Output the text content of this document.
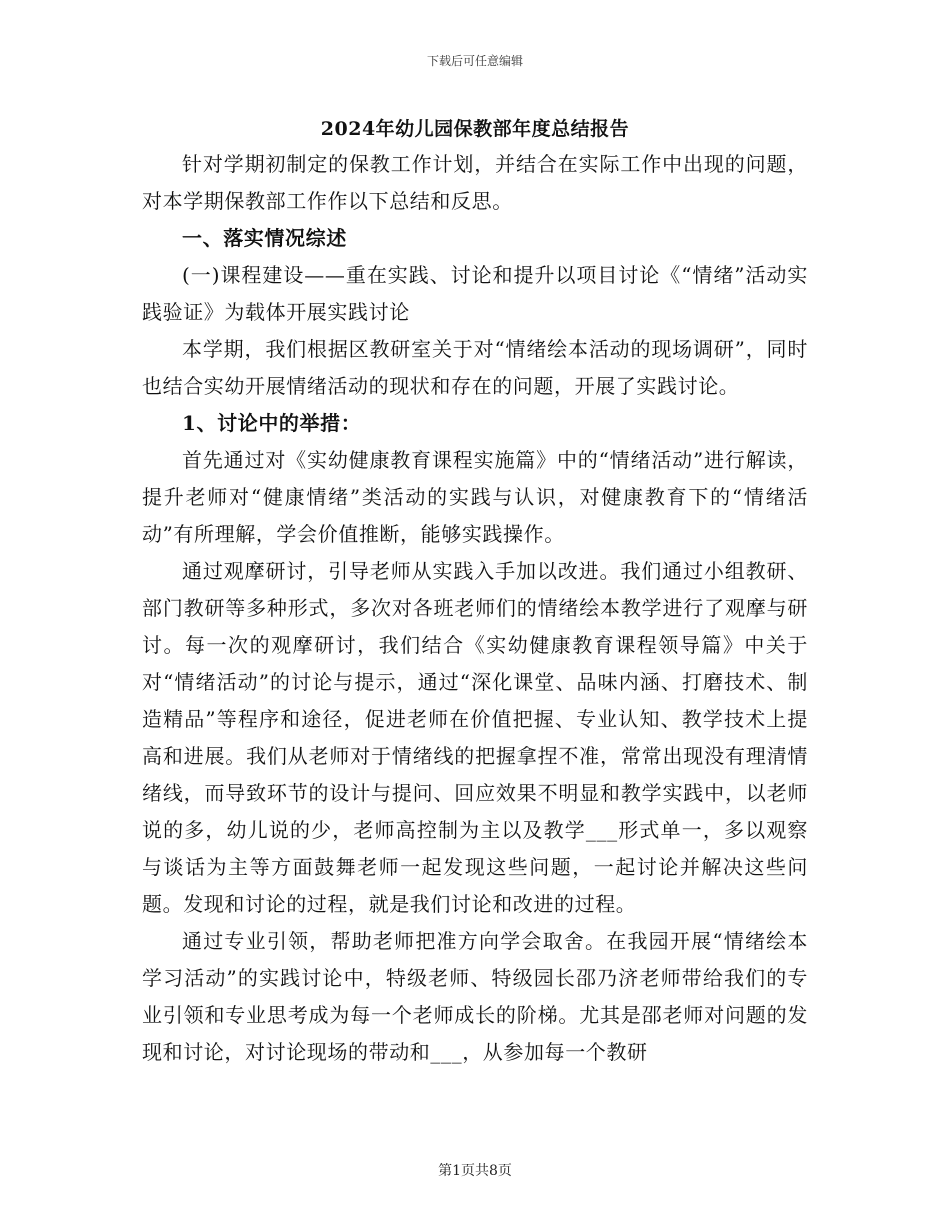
下载后可任意编辑
2024年幼儿园保教部年度总结报告

针对学期初制定的保教工作计划，并结合在实际工作中出现的问题，对本学期保教部工作作以下总结和反思。

一、落实情况综述

(一)课程建设——重在实践、讨论和提升以项目讨论《“情绪”活动实践验证》为载体开展实践讨论

本学期，我们根据区教研室关于对“情绪绘本活动的现场调研”，同时也结合实幼开展情绪活动的现状和存在的问题，开展了实践讨论。

1、讨论中的举措：

首先通过对《实幼健康教育课程实施篇》中的“情绪活动”进行解读，提升老师对“健康情绪”类活动的实践与认识，对健康教育下的“情绪活动”有所理解，学会价值推断，能够实践操作。

通过观摩研讨，引导老师从实践入手加以改进。我们通过小组教研、部门教研等多种形式，多次对各班老师们的情绪绘本教学进行了观摩与研讨。每一次的观摩研讨，我们结合《实幼健康教育课程领导篇》中关于对“情绪活动”的讨论与提示，通过“深化课堂、品味内涵、打磨技术、制造精品”等程序和途径，促进老师在价值把握、专业认知、教学技术上提高和进展。我们从老师对于情绪线的把握拿捏不准，常常出现没有理清情绪线，而导致环节的设计与提问、回应效果不明显和教学实践中，以老师说的多，幼儿说的少，老师高控制为主以及教学___形式单一，多以观察与谈话为主等方面鼓舞老师一起发现这些问题，一起讨论并解决这些问题。发现和讨论的过程，就是我们讨论和改进的过程。

通过专业引领，帮助老师把准方向学会取舍。在我园开展“情绪绘本学习活动”的实践讨论中，特级老师、特级园长邵乃济老师带给我们的专业引领和专业思考成为每一个老师成长的阶梯。尤其是邵老师对问题的发现和讨论，对讨论现场的带动和___，从参加每一个教研

第1页共8页
